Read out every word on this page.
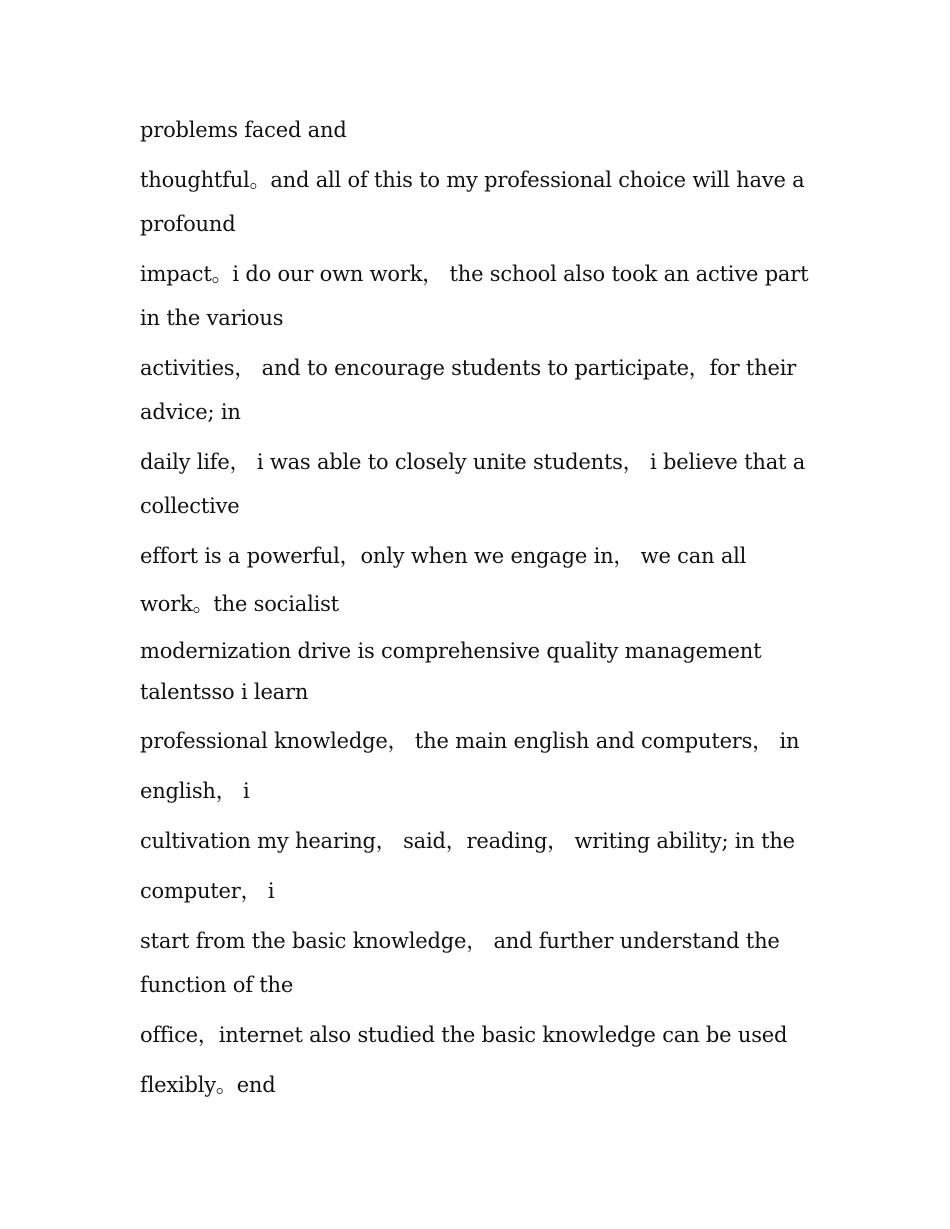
problems faced and

thoughtful。and all of this to my professional choice will have a profound

impact。i do our own work， the school also took an active part in the various

activities， and to encourage students to participate，for their advice; in

daily life， i was able to closely unite students， i believe that a collective

effort is a powerful，only when we engage in， we can all

work。the socialist

modernization drive is comprehensive quality management talentsso i learn

professional knowledge， the main english and computers， in

english， i

cultivation my hearing， said，reading， writing ability; in the

computer， i

start from the basic knowledge， and further understand the function of the

office，internet also studied the basic knowledge can be used

flexibly。end
